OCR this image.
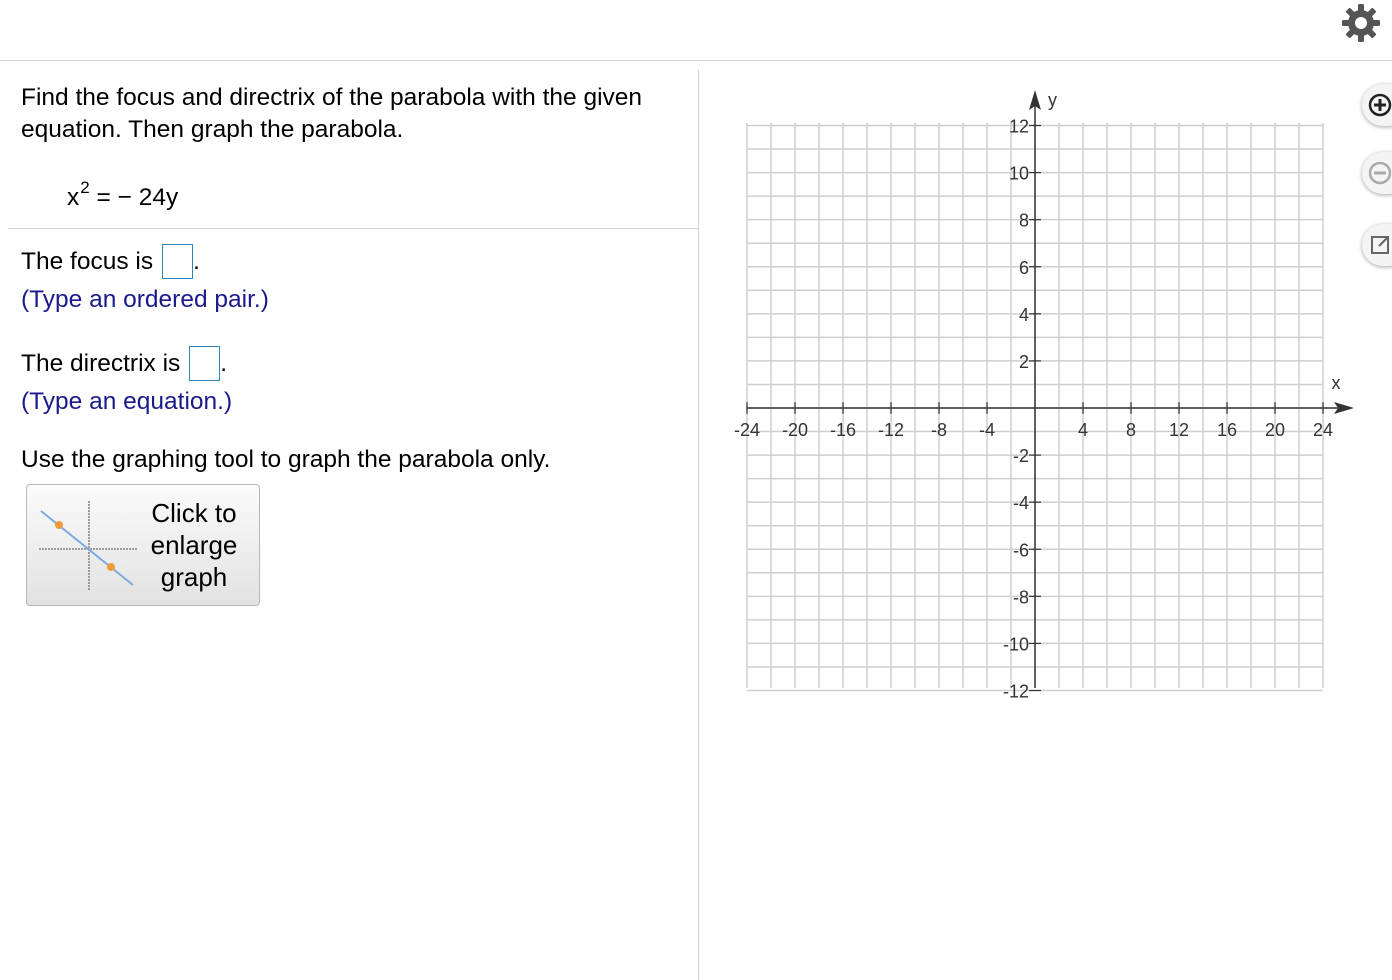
Find the focus and directrix of the parabola with the given equation. Then graph the parabola.
$x^2$ = − 24y
The focus is .
(Type an ordered pair.)
The directrix is .
(Type an equation.)
Use the graphing tool to graph the parabola only.
Click to
enlarge
graph
x
y
-24 -20 -16 -12 -8 -4	4 8 12 16 20 24
12
10
8
6
4
2
-2
-4
-6
-8
-10
-12
